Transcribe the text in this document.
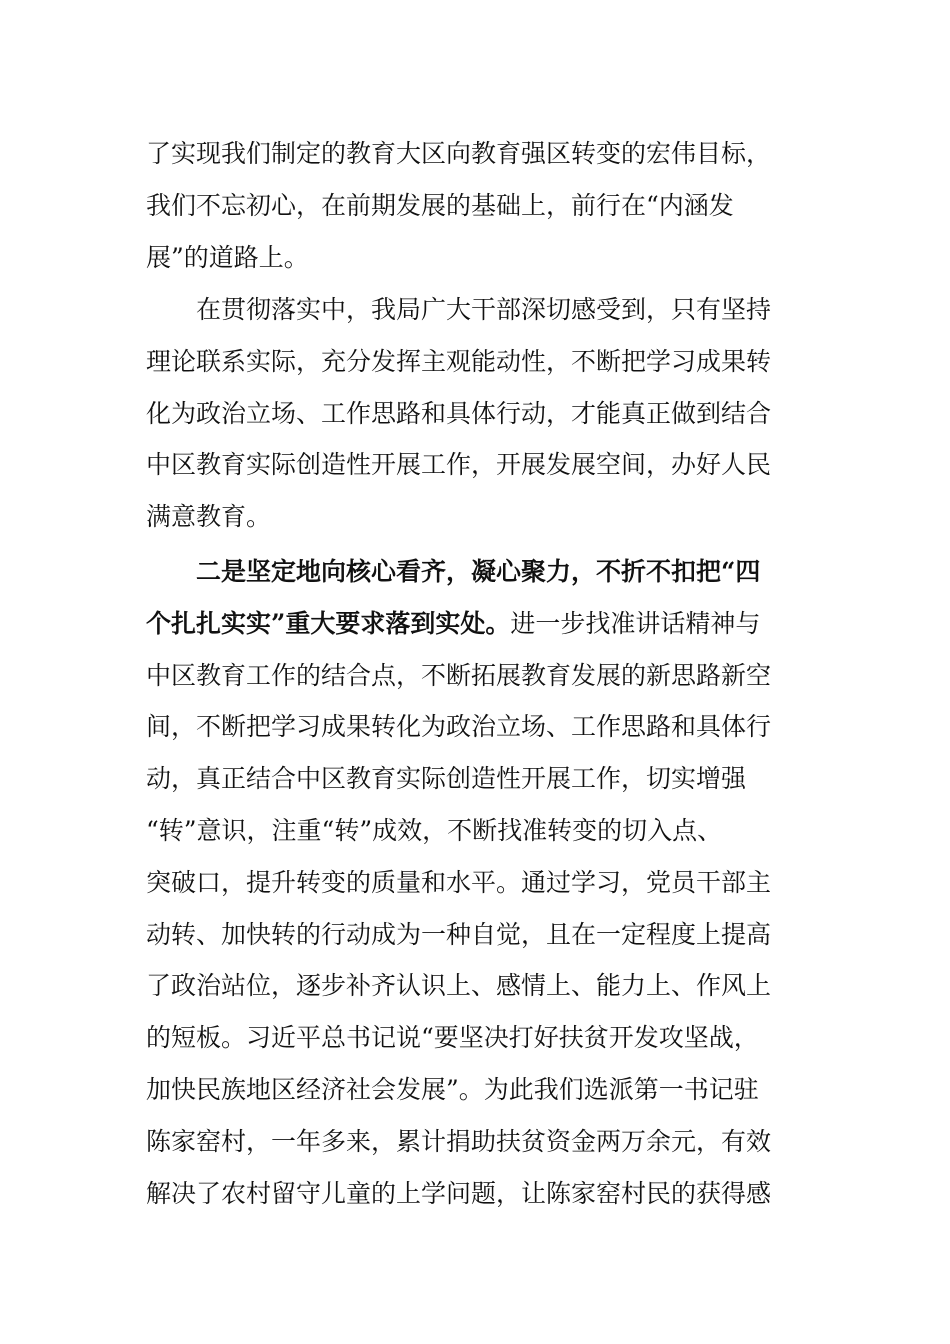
了实现我们制定的教育大区向教育强区转变的宏伟目标，
我们不忘初心，在前期发展的基础上，前行在“内涵发
展”的道路上。
在贯彻落实中，我局广大干部深切感受到，只有坚持
理论联系实际，充分发挥主观能动性，不断把学习成果转
化为政治立场、工作思路和具体行动，才能真正做到结合
中区教育实际创造性开展工作，开展发展空间，办好人民
满意教育。
二是坚定地向核心看齐，凝心聚力，不折不扣把“四
个扎扎实实”重大要求落到实处。进一步找准讲话精神与
中区教育工作的结合点，不断拓展教育发展的新思路新空
间，不断把学习成果转化为政治立场、工作思路和具体行
动，真正结合中区教育实际创造性开展工作，切实增强
“转”意识，注重“转”成效，不断找准转变的切入点、
突破口，提升转变的质量和水平。通过学习，党员干部主
动转、加快转的行动成为一种自觉，且在一定程度上提高
了政治站位，逐步补齐认识上、感情上、能力上、作风上
的短板。习近平总书记说“要坚决打好扶贫开发攻坚战，
加快民族地区经济社会发展”。为此我们选派第一书记驻
陈家窑村，一年多来，累计捐助扶贫资金两万余元，有效
解决了农村留守儿童的上学问题，让陈家窑村民的获得感
